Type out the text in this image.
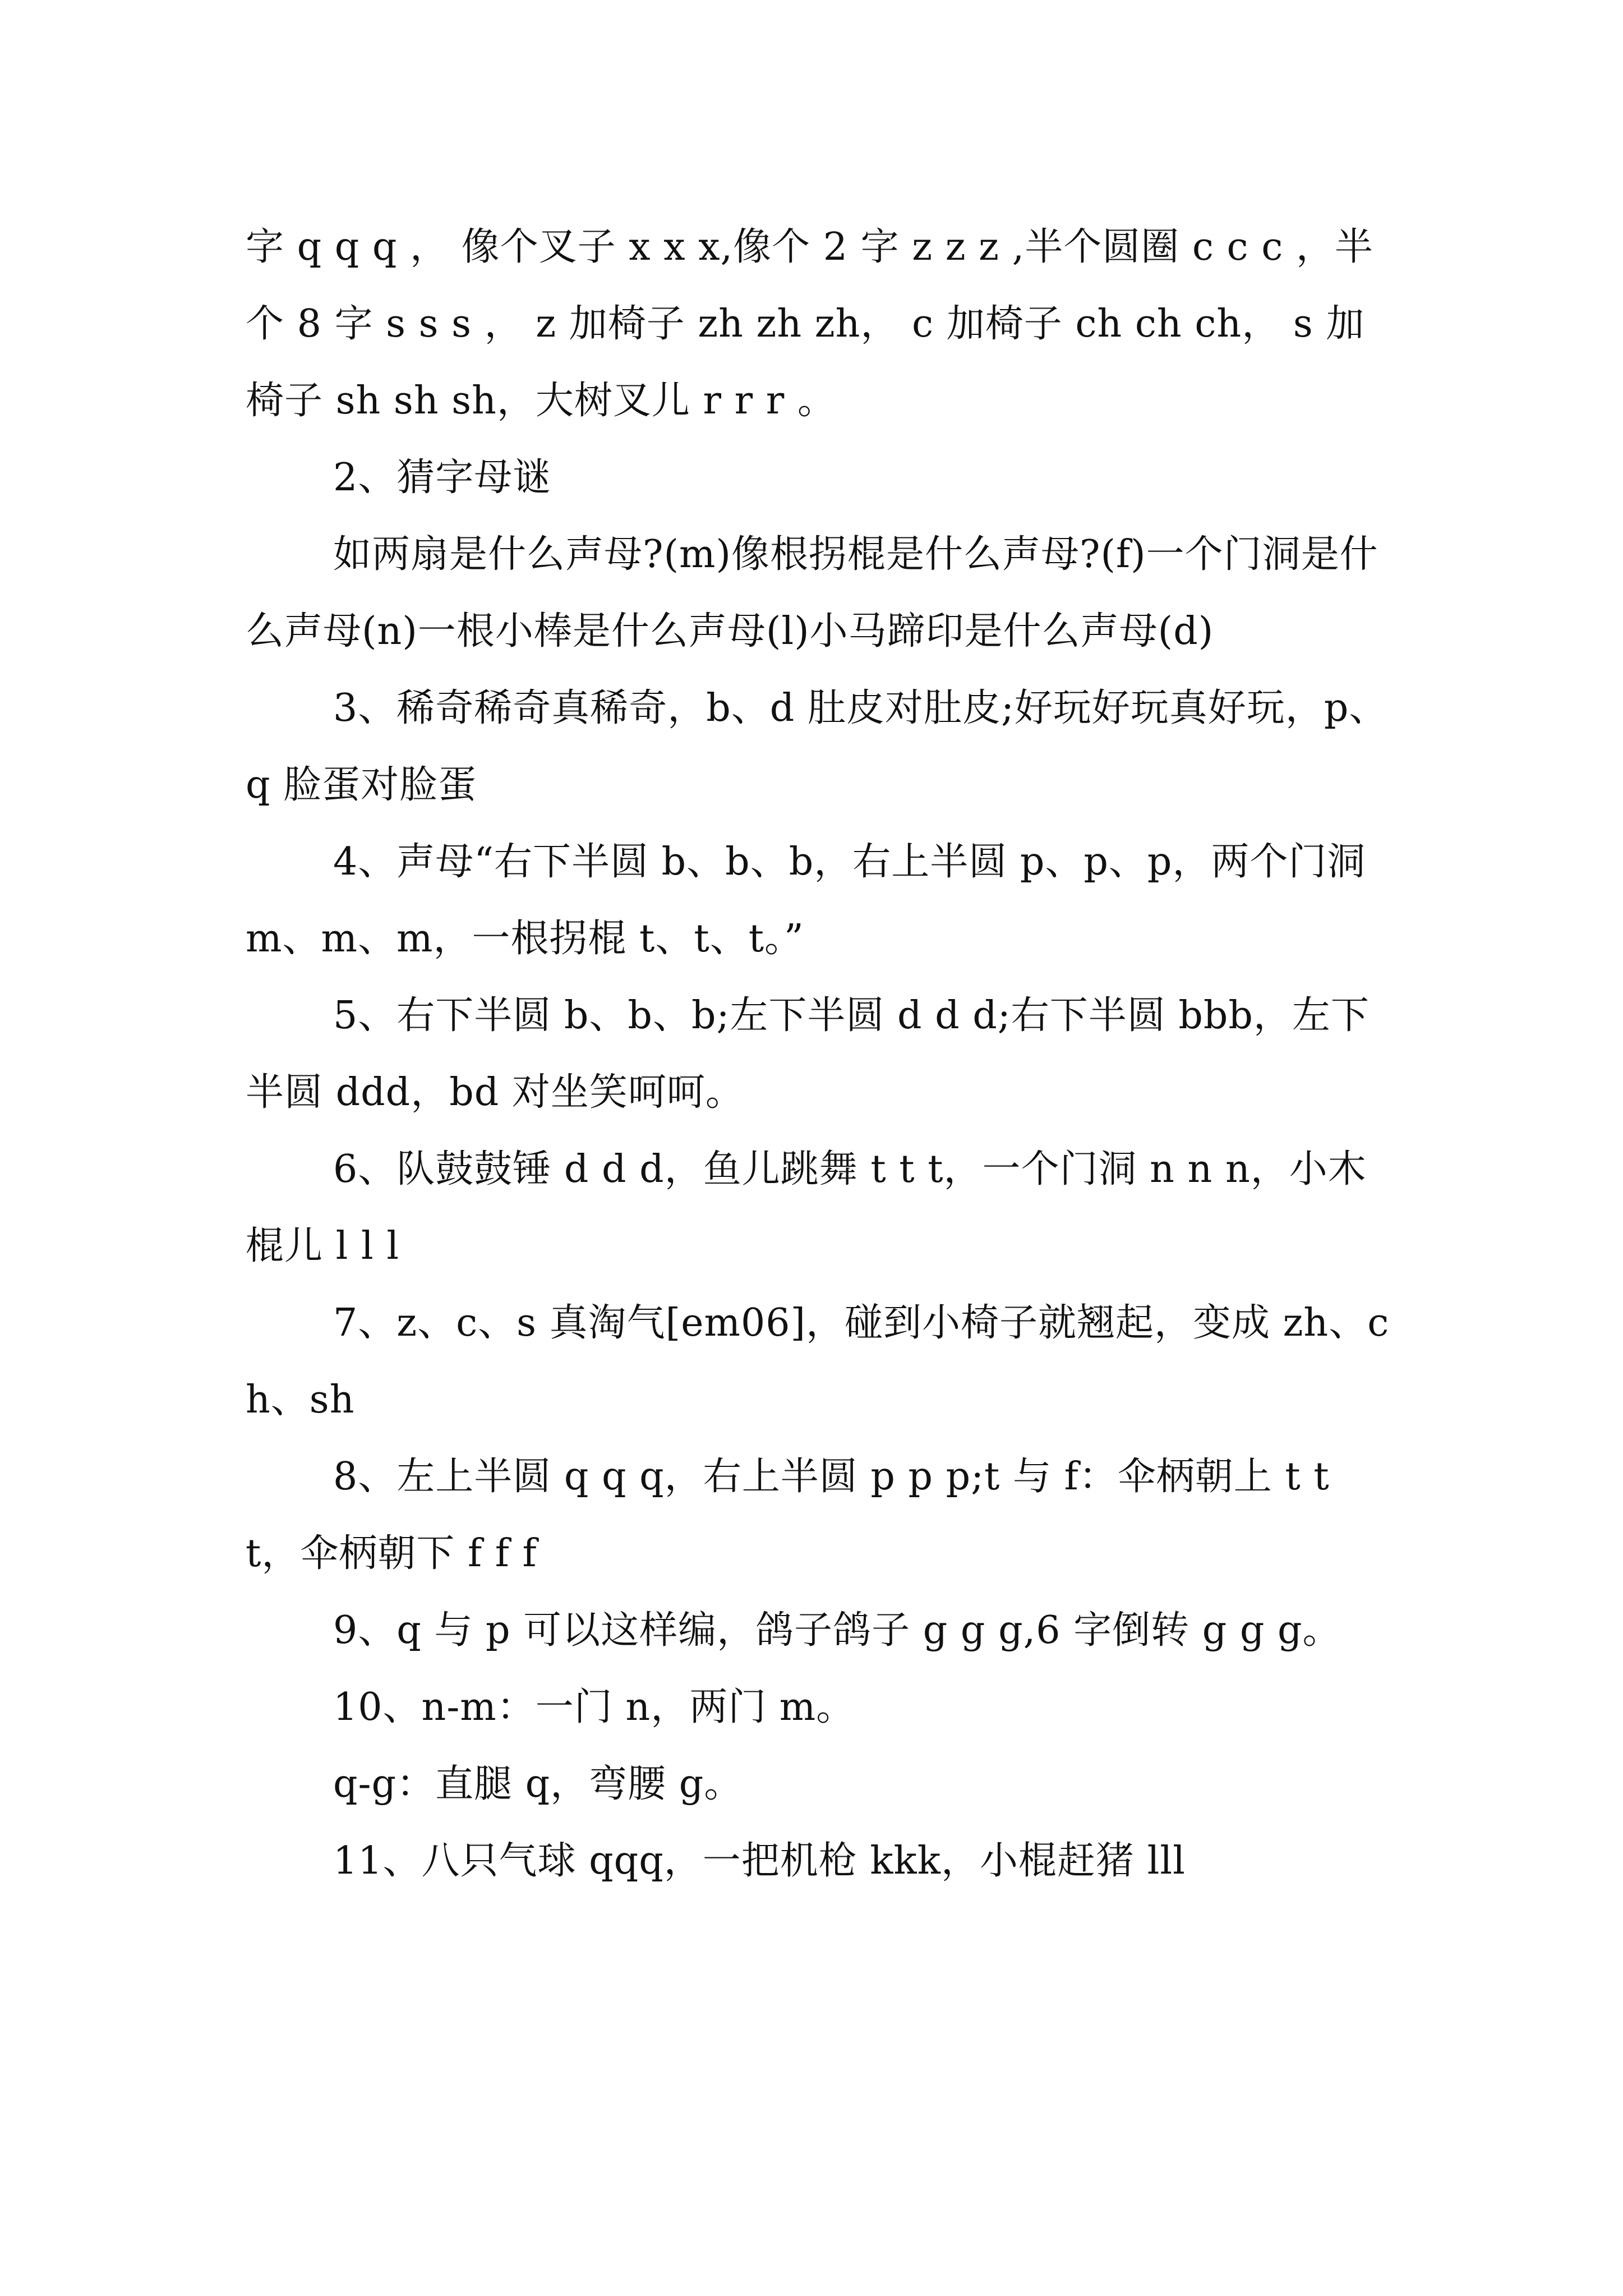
字 q q q ， 像个叉子 x x x,像个 2 字 z z z ,半个圆圈 c c c ，半个 8 字 s s s ， z 加椅子 zh zh zh， c 加椅子 ch ch ch， s 加椅子 sh sh sh，大树叉儿 r r r 。

2、猜字母谜

如两扇是什么声母?(m)像根拐棍是什么声母?(f)一个门洞是什么声母(n)一根小棒是什么声母(l)小马蹄印是什么声母(d)

3、稀奇稀奇真稀奇，b、d 肚皮对肚皮;好玩好玩真好玩，p、q 脸蛋对脸蛋

4、声母“右下半圆 b、b、b，右上半圆 p、p、p，两个门洞 m、m、m，一根拐棍 t、t、t。”

5、右下半圆 b、b、b;左下半圆 d d d;右下半圆 bbb，左下半圆 ddd，bd 对坐笑呵呵。

6、队鼓鼓锤 d d d，鱼儿跳舞 t t t，一个门洞 n n n，小木棍儿 l l l

7、z、c、s 真淘气[em06]，碰到小椅子就翘起，变成 zh、ch、sh

8、左上半圆 q q q，右上半圆 p p p;t 与 f：伞柄朝上 t t t，伞柄朝下 f f f

9、q 与 p 可以这样编，鸽子鸽子 g g g,6 字倒转 g g g。

10、n-m：一门 n，两门 m。

q-g：直腿 q，弯腰 g。

11、八只气球 qqq，一把机枪 kkk，小棍赶猪 lll
